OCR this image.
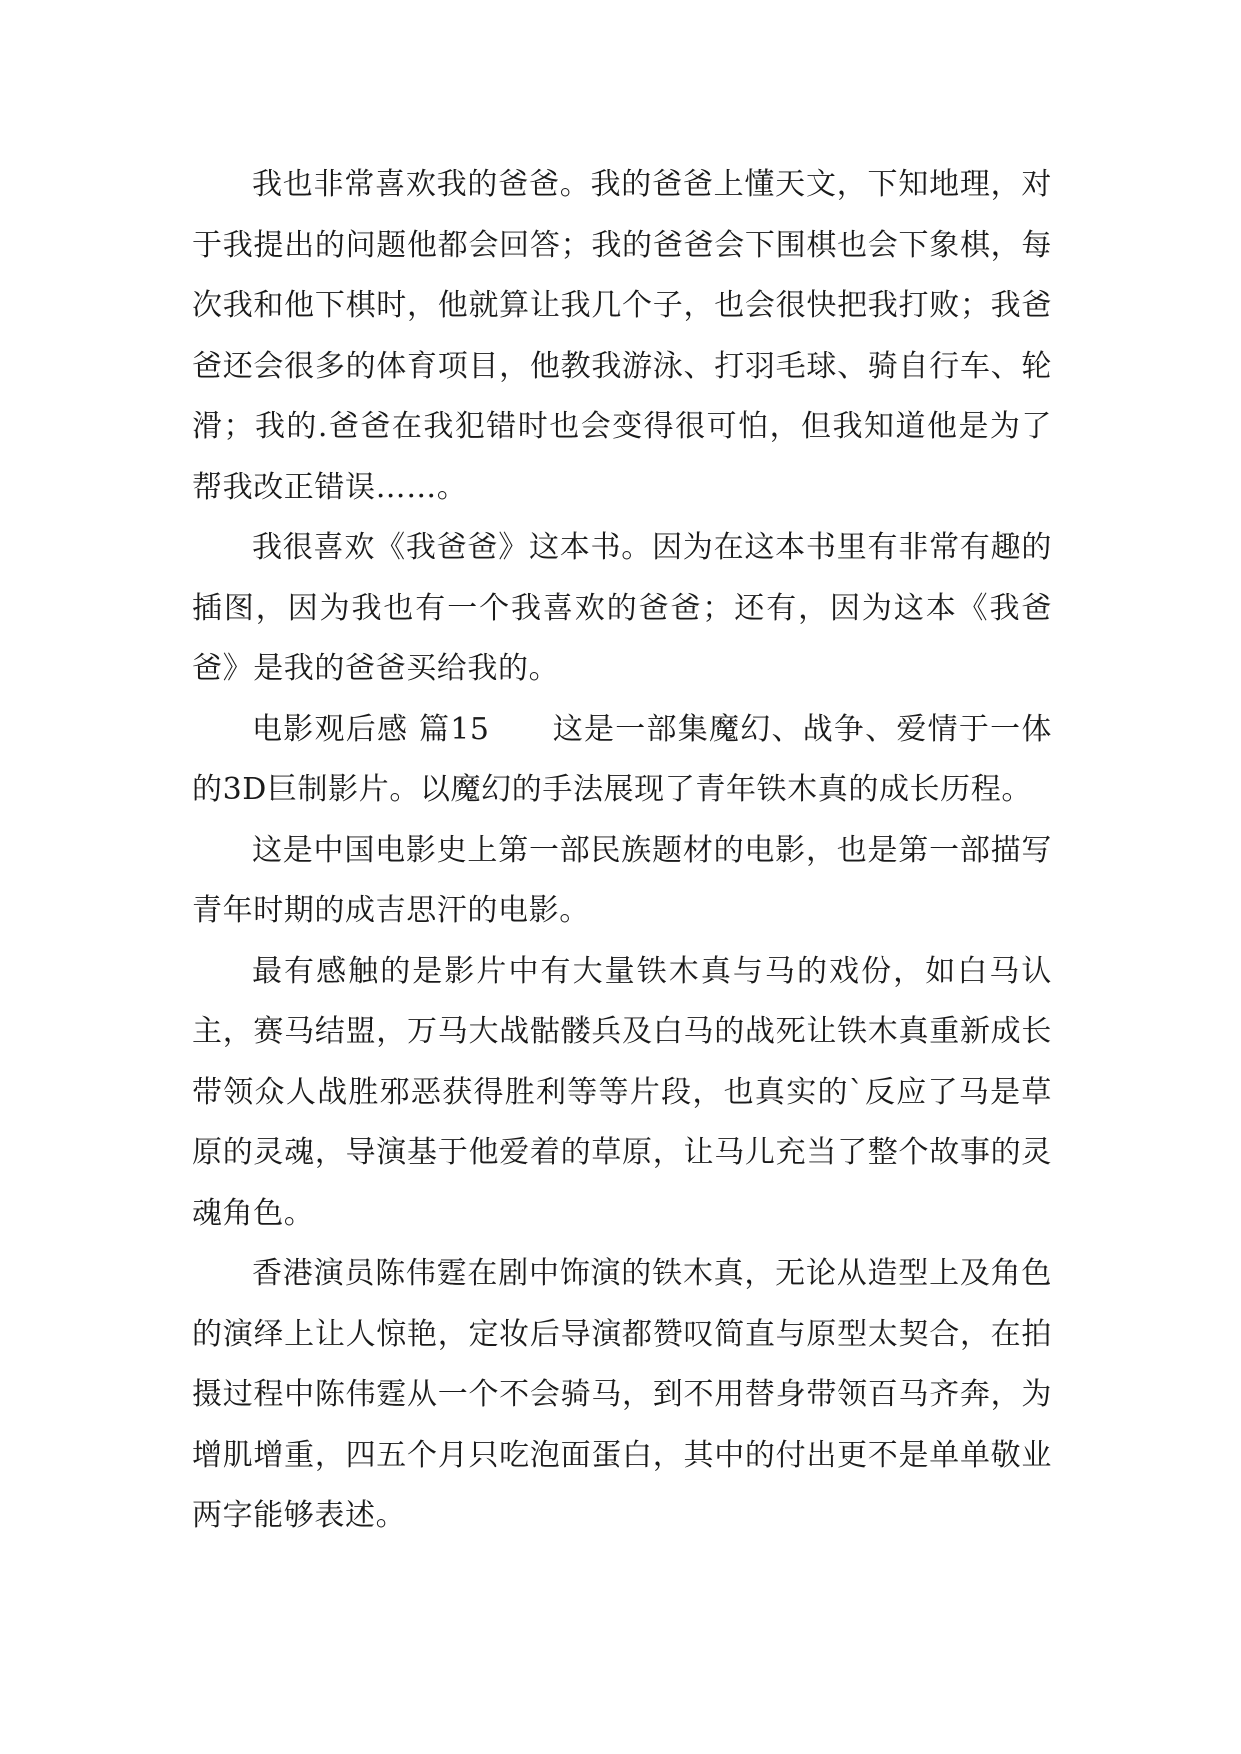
我也非常喜欢我的爸爸。我的爸爸上懂天文，下知地理，对于我提出的问题他都会回答；我的爸爸会下围棋也会下象棋，每次我和他下棋时，他就算让我几个子，也会很快把我打败；我爸爸还会很多的体育项目，他教我游泳、打羽毛球、骑自行车、轮滑；我的.爸爸在我犯错时也会变得很可怕，但我知道他是为了帮我改正错误……。

我很喜欢《我爸爸》这本书。因为在这本书里有非常有趣的插图，因为我也有一个我喜欢的爸爸；还有，因为这本《我爸爸》是我的爸爸买给我的。

电影观后感 篇15　　这是一部集魔幻、战争、爱情于一体的3D巨制影片。以魔幻的手法展现了青年铁木真的成长历程。

这是中国电影史上第一部民族题材的电影，也是第一部描写青年时期的成吉思汗的电影。

最有感触的是影片中有大量铁木真与马的戏份，如白马认主，赛马结盟，万马大战骷髅兵及白马的战死让铁木真重新成长带领众人战胜邪恶获得胜利等等片段，也真实的`反应了马是草原的灵魂，导演基于他爱着的草原，让马儿充当了整个故事的灵魂角色。

香港演员陈伟霆在剧中饰演的铁木真，无论从造型上及角色的演绎上让人惊艳，定妆后导演都赞叹简直与原型太契合，在拍摄过程中陈伟霆从一个不会骑马，到不用替身带领百马齐奔，为增肌增重，四五个月只吃泡面蛋白，其中的付出更不是单单敬业两字能够表述。
